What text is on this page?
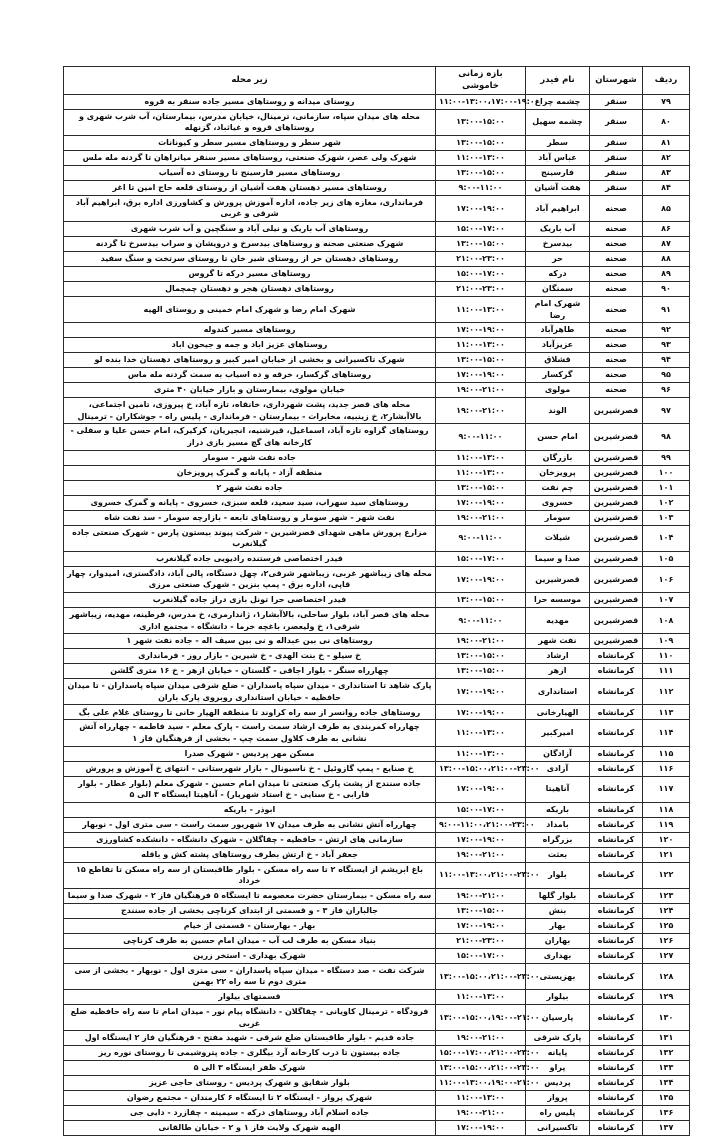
ردیف	شهرستان	نام فیدر	بازه زمانی خاموشی	زیر محله
۷۹	سنقر	چشمه چراغ	۱۱:۰۰-۱۳:۰۰،۱۷:۰۰-۱۹:۰۰	روستای میدانه و روستاهای مسیر جاده سنقر به قروه
۸۰	سنقر	چشمه سهیل	۱۳:۰۰-۱۵:۰۰	محله های میدان سپاه، سازمانی، ترمینال، خیابان مدرس، بیمارستان، آب شرب شهری و روستاهای قروه و غیاثباد، گزنهله
۸۱	سنقر	سطر	۱۳:۰۰-۱۵:۰۰	شهر سطر و روستاهای مسیر سطر و کیونانات
۸۲	سنقر	عباس آباد	۱۱:۰۰-۱۳:۰۰	شهرک ولی عصر، شهرک صنعتی، روستاهای مسیر سنقر میانراهان تا گردنه مله ملس
۸۳	سنقر	فارسینج	۱۳:۰۰-۱۵:۰۰	روستاهای مسیر فارسینج تا روستای ده آسیاب
۸۴	سنقر	هفت آشیان	۹:۰۰-۱۱:۰۰	روستاهای مسیر دهستان هفت آشیان از روستای قلعه حاج امین تا اغر
۸۵	صحنه	ابراهیم آباد	۱۷:۰۰-۱۹:۰۰	فرمانداری، مغازه های زیر جاده، اداره آموزش پرورش و کشاورزی اداره برق، ابراهیم آباد شرقی و غربی
۸۶	صحنه	آب باریک	۱۵:۰۰-۱۷:۰۰	روستاهای آب باریک و نیلی آباد و سنگچین و آب شرب شهری
۸۷	صحنه	بیدسرخ	۱۳:۰۰-۱۵:۰۰	شهرک صنعتی صحنه و روستاهای بیدسرخ و درویشان و سراب بیدسرخ تا گردنه
۸۸	صحنه	حر	۲۱:۰۰-۲۳:۰۰	روستاهای دهستان حر از روستای شیر خان تا روستای سرتخت و سنگ سفید
۸۹	صحنه	درکه	۱۵:۰۰-۱۷:۰۰	روستاهای مسیر درکه تا گروس
۹۰	صحنه	سمنگان	۲۱:۰۰-۲۳:۰۰	روستاهای دهستان هجر و دهستان چمچمال
۹۱	صحنه	شهرک امام رضا	۱۱:۰۰-۱۳:۰۰	شهرک امام رضا و شهرک امام خمینی و روستای الهیه
۹۲	صحنه	طاهرآباد	۱۷:۰۰-۱۹:۰۰	روستاهای مسیر کندوله
۹۳	صحنه	عزیزآباد	۱۱:۰۰-۱۳:۰۰	روستاهای عزیز اباد و جمه و جیحون اباد
۹۴	صحنه	قشلاق	۱۳:۰۰-۱۵:۰۰	شهرک تاکسیرانی و بخشی از خیابان امیر کبیر و روستاهای دهستان خدا بنده لو
۹۵	صحنه	گرکسار	۱۷:۰۰-۱۹:۰۰	روستاهای گرکسار، خرقه و ده اسیاب به سمت گردنه مله ماس
۹۶	صحنه	مولوی	۱۹:۰۰-۲۱:۰۰	خیابان مولوی، بیمارستان و بازار خیابان ۴۰ متری
۹۷	قصرشیرین	الوند	۱۹:۰۰-۲۱:۰۰	محله های قصر جدید، پشت شهرداری، خانقاه، تازه آباد، خ پیروزی، تامین اجتماعی، بالاآبشار۲، خ زینبیه، مخابرات - بیمارستان - فرمانداری - پلیس راه - جوشکاران - ترمینال
۹۸	قصرشیرین	امام حسن	۹:۰۰-۱۱:۰۰	روستاهای گراوه تازه آباد، اسماعیل، قیرشنیه، انجیریان، کرکیرک، امام حسن علیا و سفلی - کارخانه های گچ مسیر بازی دراز
۹۹	قصرشیرین	بازرگان	۱۱:۰۰-۱۳:۰۰	جاده نفت شهر - سومار
۱۰۰	قصرشیرین	پرویزخان	۱۱:۰۰-۱۳:۰۰	منطقه آزاد - پایانه و گمرک پرویزخان
۱۰۱	قصرشیرین	چم نفت	۱۳:۰۰-۱۵:۰۰	جاده نفت شهر ۲
۱۰۲	قصرشیرین	خسروی	۱۷:۰۰-۱۹:۰۰	روستاهای سید سهراب، سید سعید، قلعه سبزی، خسروی - پایانه و گمرک خسروی
۱۰۳	قصرشیرین	سومار	۱۹:۰۰-۲۱:۰۰	نفت شهر - شهر سومار و روستاهای تابعه - بازارچه سومار - سد نفت شاه
۱۰۴	قصرشیرین	شیلات	۹:۰۰-۱۱:۰۰	مزارع پرورش ماهی شهدای قصرشیرین - شرکت پیوند بیستون پارس - شهرک صنعتی جاده گیلانغرب
۱۰۵	قصرشیرین	صدا و سیما	۱۵:۰۰-۱۷:۰۰	فیدر اختصاصی فرستنده رادیویی جاده گیلانغرب
۱۰۶	قصرشیرین	قصرشیرین	۱۷:۰۰-۱۹:۰۰	محله های زیباشهر غربی، زیباشهر شرقی۲، چهل دستگاه، پالی آباد، دادگستری، امیدوار، چهار قاپی، اداره برق - پمپ بنزین - شهرک صنعتی مرزی
۱۰۷	قصرشیرین	موسسه حرا	۱۳:۰۰-۱۵:۰۰	فیدر اختصاصی حرا تونل بازی دراز جاده گیلانغرب
۱۰۸	قصرشیرین	مهدیه	۹:۰۰-۱۱:۰۰	محله های قصر آباد، بلوار ساحلی، بالاآبشار۱، ژاندارمری، خ مدرس، فرطینه، مهدیه، زیباشهر شرقی۱، خ ولیعصر، باغچه خرما - دانشگاه - مجتمع اداری
۱۰۹	قصرشیرین	نفت شهر	۱۹:۰۰-۲۱:۰۰	روستاهای نی بین عبداله و نی بین سیف اله - جاده نفت شهر ۱
۱۱۰	کرمانشاه	ارشاد	۱۳:۰۰-۱۵:۰۰	خ سیلو - خ بنت الهدی - خ شیرین - بازار روز - فرمانداری
۱۱۱	کرمانشاه	ازهر	۱۳:۰۰-۱۵:۰۰	چهارراه سنگر - بلوار اجاقی - گلستان - خیابان ازهر - خ ۱۶ متری گلشن
۱۱۲	کرمانشاه	استانداری	۱۷:۰۰-۱۹:۰۰	پارک شاهد تا استانداری - میدان سپاه پاسداران - ضلع شرقی میدان سپاه پاسداران - تا میدان حافظیه - خیابان استانداری روبروی پارک باران
۱۱۳	کرمانشاه	الهیارخانی	۱۷:۰۰-۱۹:۰۰	روستاهای جاده روانسر از سه راه کراوند تا منطقه الهیار خانی تا روستای غلام علی بگ
۱۱۴	کرمانشاه	امیرکبیر	۱۱:۰۰-۱۳:۰۰	چهارراه کمربندی به طرف ارشاد سمت راست - پارک معلم - سید فاطمه - چهارراه آتش نشانی به طرف کلاول سمت چپ - بخشی از فرهنگیان فاز ۱
۱۱۵	کرمانشاه	آزادگان	۱۱:۰۰-۱۳:۰۰	مسکن مهر پردیس - شهرک صدرا
۱۱۶	کرمانشاه	آزادی	۱۳:۰۰-۱۵:۰۰،۲۱:۰۰-۲۳:۰۰	خ صنایع - پمپ گازوئیل - خ ناسیونال - بازار شهرستانی - انتهای خ آموزش و پرورش
۱۱۷	کرمانشاه	آناهیتا	۱۷:۰۰-۱۹:۰۰	جاده سنندج از پشت پارک صنعتی تا میدان امام حسین - شهرک معلم (بلوار عطار - بلوار فارابی - خ سنایی - خ استاد شهریار) - آناهیتا ایستگاه ۳ الی ۵
۱۱۸	کرمانشاه	باریکه	۱۵:۰۰-۱۷:۰۰	ابوذر - باریکه
۱۱۹	کرمانشاه	بامداد	۹:۰۰-۱۱:۰۰،۲۱:۰۰-۲۳:۰۰	چهارراه آتش نشانی به طرف میدان ۱۷ شهریور سمت راست - سی متری اول - نوبهار
۱۲۰	کرمانشاه	بزرگراه	۱۷:۰۰-۱۹:۰۰	سازمانی های ارتش - حافظیه - چقاگلان - شهرک دانشگاه - دانشکده کشاورزی
۱۲۱	کرمانشاه	بعثت	۱۹:۰۰-۲۱:۰۰	جعفر آباد - خ ارتش بطرف روستاهای پشته کش و باقله
۱۲۲	کرمانشاه	بلوار	۱۱:۰۰-۱۳:۰۰،۲۱:۰۰-۲۳:۰۰	باغ ابریشم از ایستگاه ۲ تا سه راه مسکن - بلوار طاقبستان از سه راه مسکن تا تقاطع ۱۵ خرداد
۱۲۳	کرمانشاه	بلوار گلها	۱۹:۰۰-۲۱:۰۰	سه راه مسکن - بیمارستان حضرت معصومه تا ایستگاه ۵ فرهنگیان فاز ۲ - شهرک صدا و سیما
۱۲۴	کرمانشاه	بنش	۱۳:۰۰-۱۵:۰۰	جالباران فاز ۳ - و قسمتی از ابتدای کرناچی بخشی از جاده سنندج
۱۲۵	کرمانشاه	بهار	۱۷:۰۰-۱۹:۰۰	بهار - بهارستان - قسمتی از خیام
۱۲۶	کرمانشاه	بهاران	۲۱:۰۰-۲۳:۰۰	بنیاد مسکن به طرف لب آب - میدان امام حسین به طرف کرناچی
۱۲۷	کرمانشاه	بهداری	۱۵:۰۰-۱۷:۰۰	شهرک بهداری - استخر زرین
۱۲۸	کرمانشاه	بهزیستی	۱۳:۰۰-۱۵:۰۰،۲۱:۰۰-۲۳:۰۰	شرکت نفت - صد دستگاه - میدان سپاه پاسداران - سی متری اول - نوبهار - بخشی از سی متری دوم تا سه راه ۲۲ بهمن
۱۲۹	کرمانشاه	بیلوار	۱۱:۰۰-۱۳:۰۰	قسمتهای بیلوار
۱۳۰	کرمانشاه	پارسیان	۱۳:۰۰-۱۵:۰۰،۱۹:۰۰-۲۱:۰۰	فرودگاه - ترمینال کاویانی - چقاگلان - دانشگاه پیام نور - میدان امام تا سه راه حافظیه ضلع غربی
۱۳۱	کرمانشاه	پارک شرقی	۱۹:۰۰-۲۱:۰۰	جاده قدیم - بلوار طاقبستان ضلع شرقی - شهید مفتح - فرهنگیان فاز ۲ ایستگاه اول
۱۳۲	کرمانشاه	پایانه	۱۵:۰۰-۱۷:۰۰،۲۱:۰۰-۲۳:۰۰	جاده بیستون تا درب کارخانه آرد بیگلری - جاده پتروشیمی تا روستای نوره ریز
۱۳۳	کرمانشاه	پراو	۱۳:۰۰-۱۵:۰۰،۲۱:۰۰-۲۳:۰۰	شهرک ظفر ایستگاه ۳ الی ۵
۱۳۴	کرمانشاه	پردیس	۱۱:۰۰-۱۳:۰۰،۱۹:۰۰-۲۱:۰۰	بلوار شقایق و شهرک پردیس - روستای حاجی عزیز
۱۳۵	کرمانشاه	پرواز	۱۱:۰۰-۱۳:۰۰	شهرک پرواز - ایستگاه ۲ تا ایستگاه ۶ کارمندان - مجتمع رضوان
۱۳۶	کرمانشاه	پلیس راه	۱۹:۰۰-۲۱:۰۰	جاده اسلام آباد روستاهای درکه - سیمینه - چقازرد - دایی جی
۱۳۷	کرمانشاه	تاکسیرانی	۱۷:۰۰-۱۹:۰۰	الهیه شهرک ولایت فاز ۱ و ۲ - خیابان طالقانی
